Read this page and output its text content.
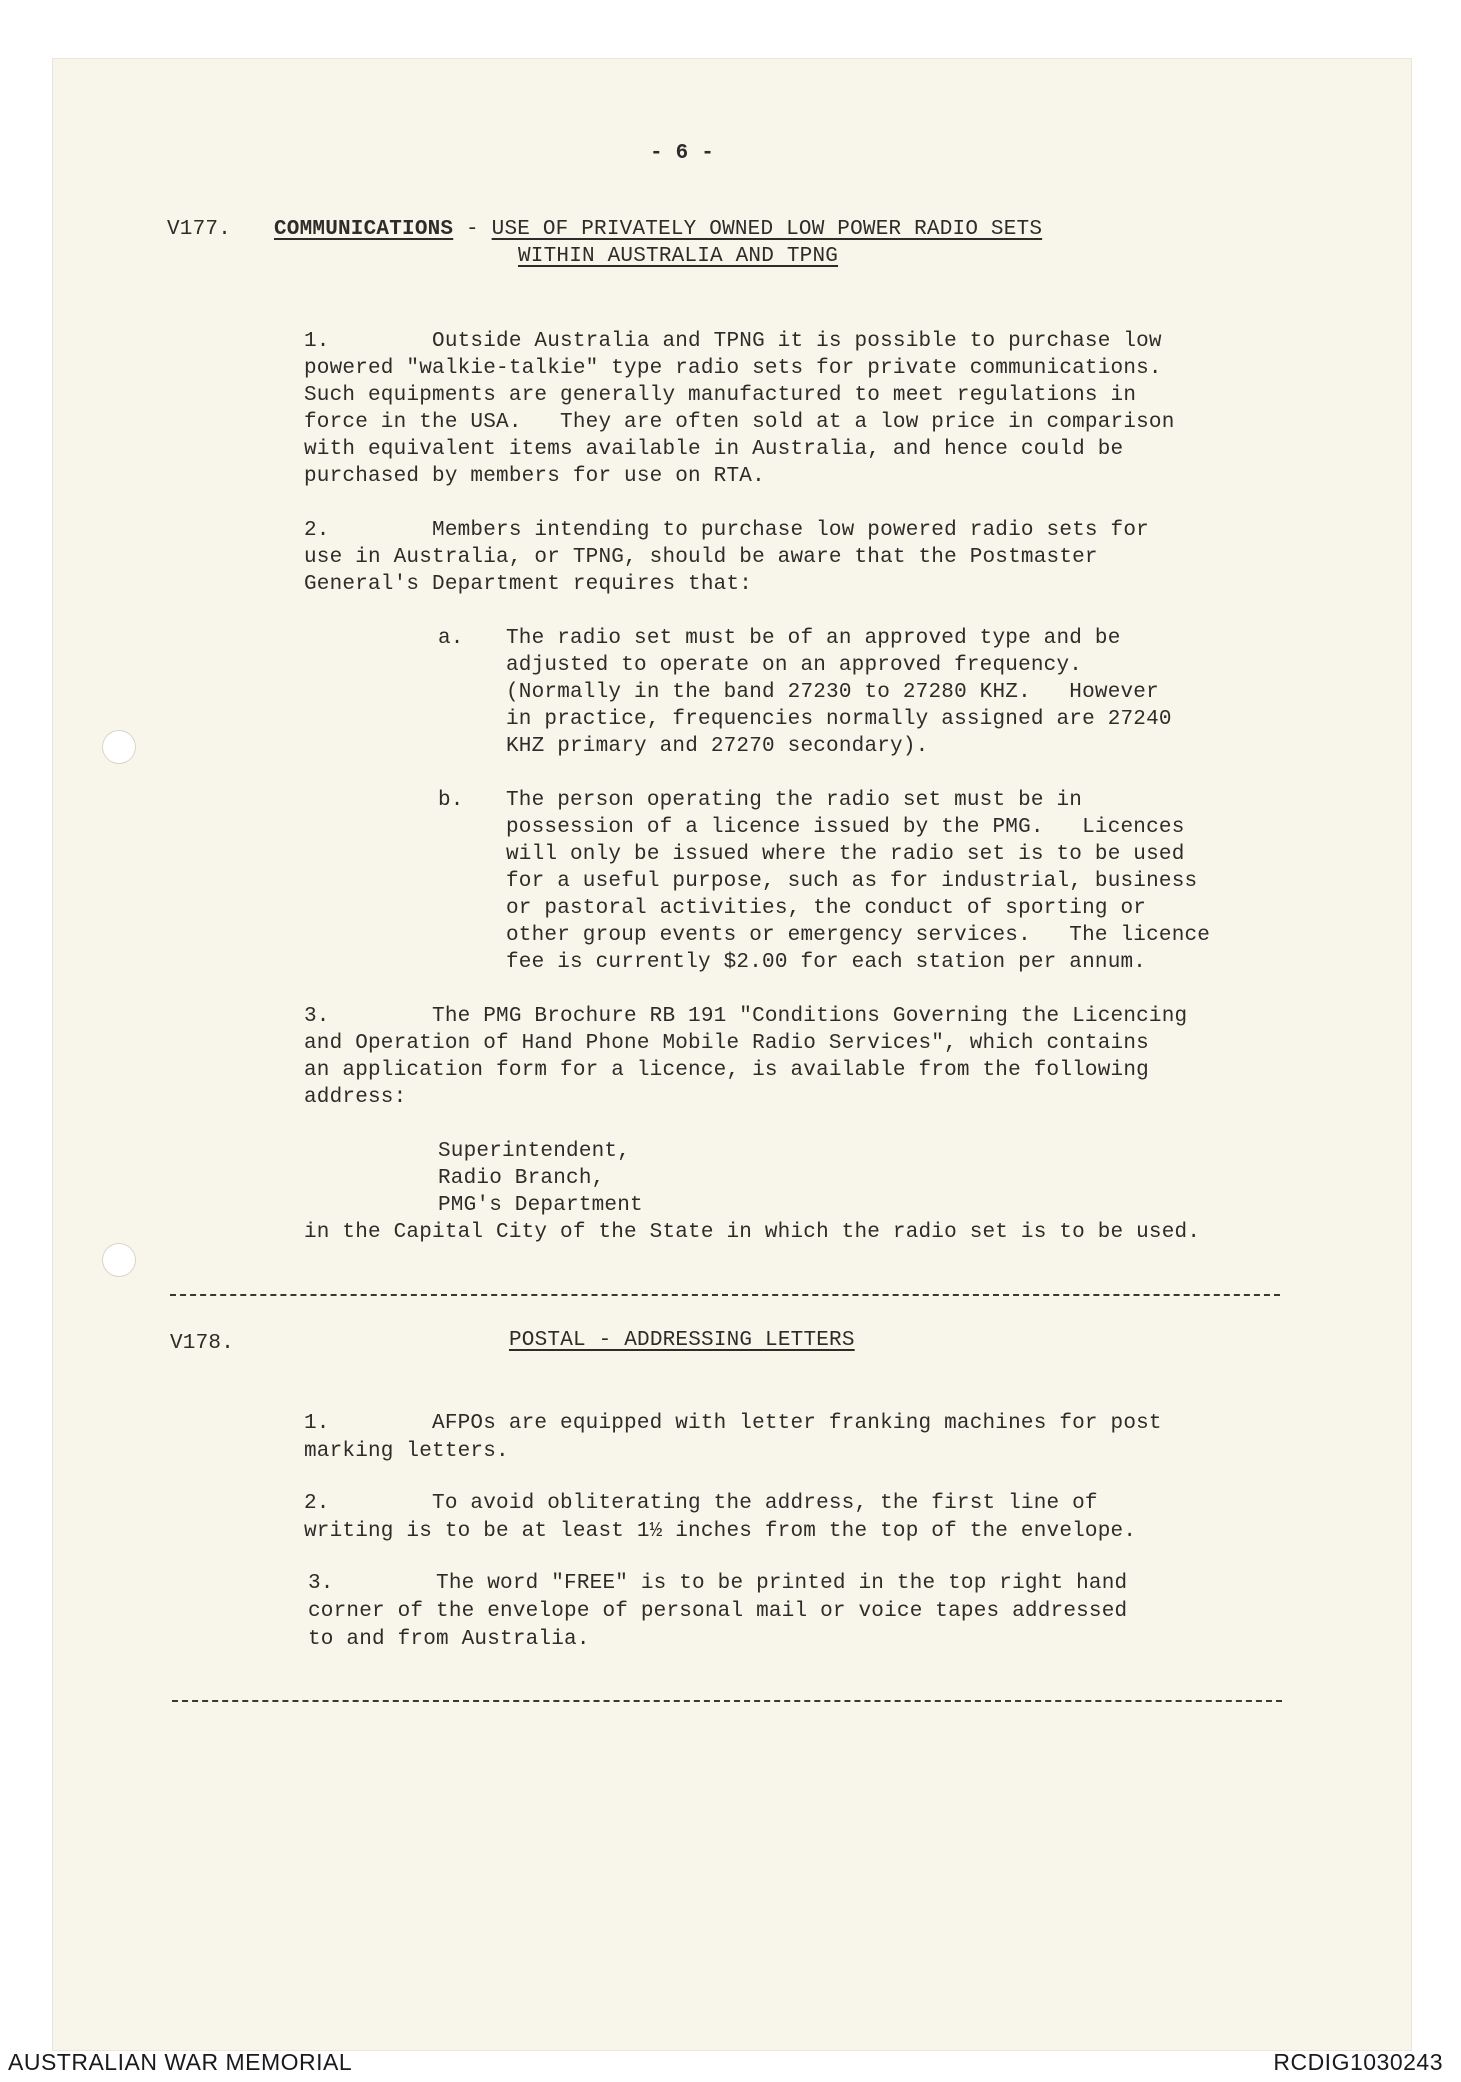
- 6 -
V177. COMMUNICATIONS - USE OF PRIVATELY OWNED LOW POWER RADIO SETS
WITHIN AUSTRALIA AND TPNG
1.        Outside Australia and TPNG it is possible to purchase low
powered "walkie-talkie" type radio sets for private communications.
Such equipments are generally manufactured to meet regulations in
force in the USA.   They are often sold at a low price in comparison
with equivalent items available in Australia, and hence could be
purchased by members for use on RTA.
2.        Members intending to purchase low powered radio sets for
use in Australia, or TPNG, should be aware that the Postmaster
General's Department requires that:
a. The radio set must be of an approved type and be
adjusted to operate on an approved frequency.
(Normally in the band 27230 to 27280 KHZ.   However
in practice, frequencies normally assigned are 27240
KHZ primary and 27270 secondary).
b. The person operating the radio set must be in
possession of a licence issued by the PMG.   Licences
will only be issued where the radio set is to be used
for a useful purpose, such as for industrial, business
or pastoral activities, the conduct of sporting or
other group events or emergency services.   The licence
fee is currently $2.00 for each station per annum.
3.        The PMG Brochure RB 191 "Conditions Governing the Licencing
and Operation of Hand Phone Mobile Radio Services", which contains
an application form for a licence, is available from the following
address:
Superintendent,
Radio Branch,
PMG's Department
in the Capital City of the State in which the radio set is to be used.
V178.	POSTAL - ADDRESSING LETTERS
1.        AFPOs are equipped with letter franking machines for post
marking letters.
2.        To avoid obliterating the address, the first line of
writing is to be at least 1½ inches from the top of the envelope.
3.        The word "FREE" is to be printed in the top right hand
corner of the envelope of personal mail or voice tapes addressed
to and from Australia.
AUSTRALIAN WAR MEMORIAL	RCDIG1030243
